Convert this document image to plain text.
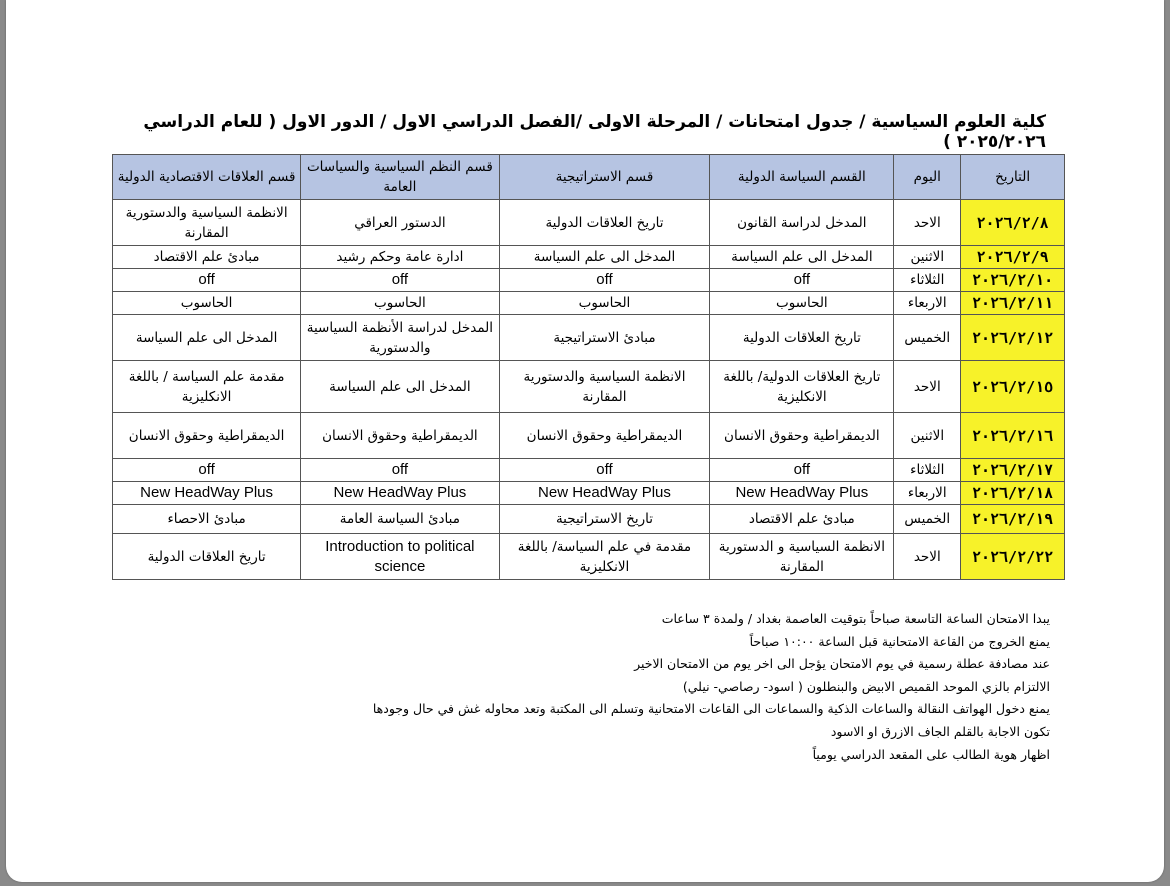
كلية العلوم السياسية / جدول امتحانات / المرحلة الاولى /الفصل الدراسي الاول / الدور الاول ( للعام الدراسي ٢٠٢٥/٢٠٢٦ )
التاريخ	اليوم	القسم السياسة الدولية	قسم الاستراتيجية	قسم النظم السياسية والسياسات العامة	قسم العلاقات الاقتصادية الدولية
٢٠٢٦/٢/٨	الاحد	المدخل لدراسة القانون	تاريخ العلاقات الدولية	الدستور العراقي	الانظمة السياسية والدستورية المقارنة
٢٠٢٦/٢/٩	الاثنين	المدخل الى علم السياسة	المدخل الى علم السياسة	ادارة عامة وحكم رشيد	مبادئ علم الاقتصاد
٢٠٢٦/٢/١٠	الثلاثاء	off	off	off	off
٢٠٢٦/٢/١١	الاربعاء	الحاسوب	الحاسوب	الحاسوب	الحاسوب
٢٠٢٦/٢/١٢	الخميس	تاريخ العلاقات الدولية	مبادئ الاستراتيجية	المدخل لدراسة الأنظمة السياسية والدستورية	المدخل الى علم السياسة
٢٠٢٦/٢/١٥	الاحد	تاريخ العلاقات الدولية/ باللغة الانكليزية	الانظمة السياسية والدستورية المقارنة	المدخل الى علم السياسة	مقدمة علم السياسة / باللغة الانكليزية
٢٠٢٦/٢/١٦	الاثنين	الديمقراطية وحقوق الانسان	الديمقراطية وحقوق الانسان	الديمقراطية وحقوق الانسان	الديمقراطية وحقوق الانسان
٢٠٢٦/٢/١٧	الثلاثاء	off	off	off	off
٢٠٢٦/٢/١٨	الاربعاء	New HeadWay Plus	New HeadWay Plus	New HeadWay Plus	New HeadWay Plus
٢٠٢٦/٢/١٩	الخميس	مبادئ علم الاقتصاد	تاريخ الاستراتيجية	مبادئ السياسة العامة	مبادئ الاحصاء
٢٠٢٦/٢/٢٢	الاحد	الانظمة السياسية و الدستورية المقارنة	مقدمة في علم السياسة/ باللغة الانكليزية	Introduction to political science	تاريخ العلاقات الدولية
يبدا الامتحان الساعة التاسعة صباحاً بتوقيت العاصمة بغداد / ولمدة ٣ ساعات
يمنع الخروج من القاعة الامتحانية قبل الساعة ١٠:٠٠ صباحاً
عند مصادفة عطلة رسمية في يوم الامتحان يؤجل الى اخر يوم من الامتحان الاخير
الالتزام بالزي الموحد القميص الابيض والبنطلون ( اسود- رصاصي- نيلي)
يمنع دخول الهواتف النقالة والساعات الذكية والسماعات الى القاعات الامتحانية وتسلم الى المكتبة وتعد محاوله غش في حال وجودها
تكون الاجابة بالقلم الجاف الازرق او الاسود
اظهار هوية الطالب على المقعد الدراسي يومياً
